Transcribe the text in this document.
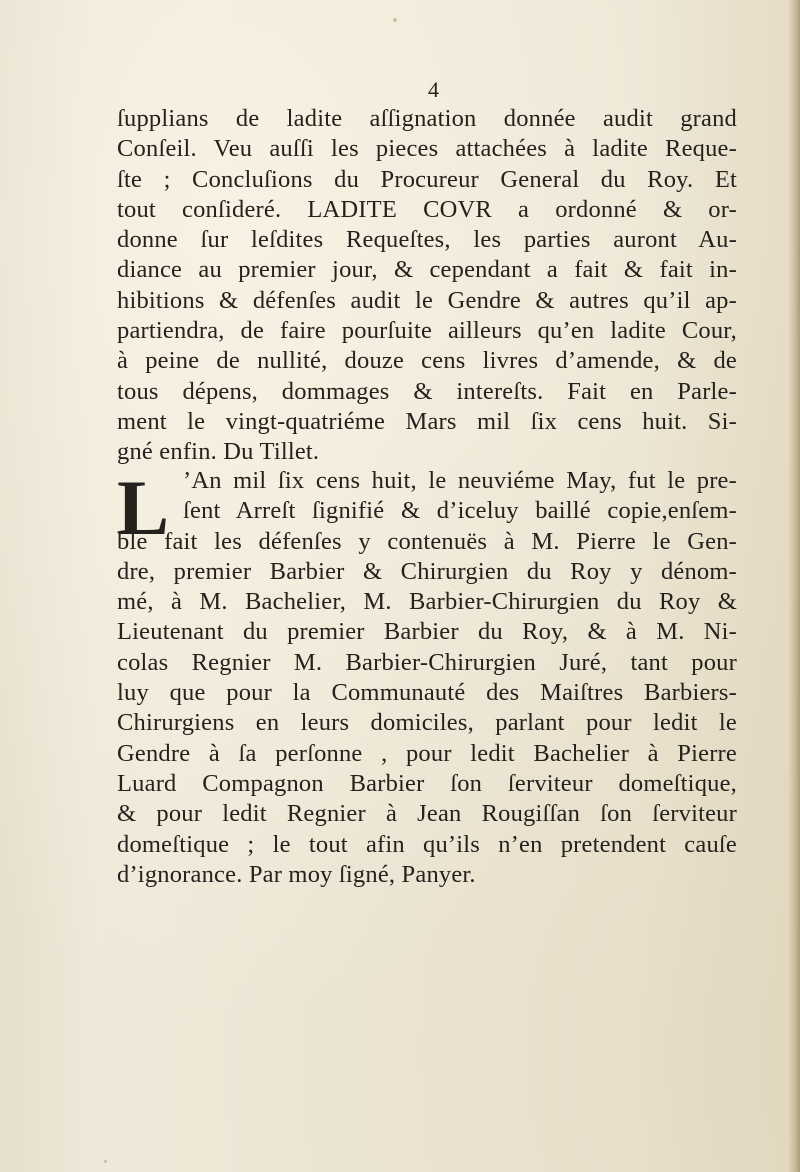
4
ſupplians de ladite aſſignation donnée audit grand
Conſeil. Veu auſſi les pieces attachées à ladite Reque-
ſte ; Concluſions du Procureur General du Roy. Et
tout conſideré. LADITE COVR a ordonné & or-
donne ſur leſdites Requeſtes, les parties auront Au-
diance au premier jour, & cependant a fait & fait in-
hibitions & défenſes audit le Gendre & autres qu’il ap-
partiendra, de faire pourſuite ailleurs qu’en ladite Cour,
à peine de nullité, douze cens livres d’amende, & de
tous dépens, dommages & intereſts. Fait en Parle-
ment le vingt-quatriéme Mars mil ſix cens huit. Si-
gné enfin. Du Tillet.
L ’An mil ſix cens huit, le neuviéme May, fut le pre-
ſent Arreſt ſignifié & d’iceluy baillé copie,enſem-
ble fait les défenſes y contenuës à M. Pierre le Gen-
dre, premier Barbier & Chirurgien du Roy y dénom-
mé, à M. Bachelier, M. Barbier-Chirurgien du Roy &
Lieutenant du premier Barbier du Roy, & à M. Ni-
colas Regnier M. Barbier-Chirurgien Juré, tant pour
luy que pour la Communauté des Maiſtres Barbiers-
Chirurgiens en leurs domiciles, parlant pour ledit le
Gendre à ſa perſonne , pour ledit Bachelier à Pierre
Luard Compagnon Barbier ſon ſerviteur domeſtique,
& pour ledit Regnier à Jean Rougiſſan ſon ſerviteur
domeſtique ; le tout afin qu’ils n’en pretendent cauſe
d’ignorance. Par moy ſigné, Panyer.
